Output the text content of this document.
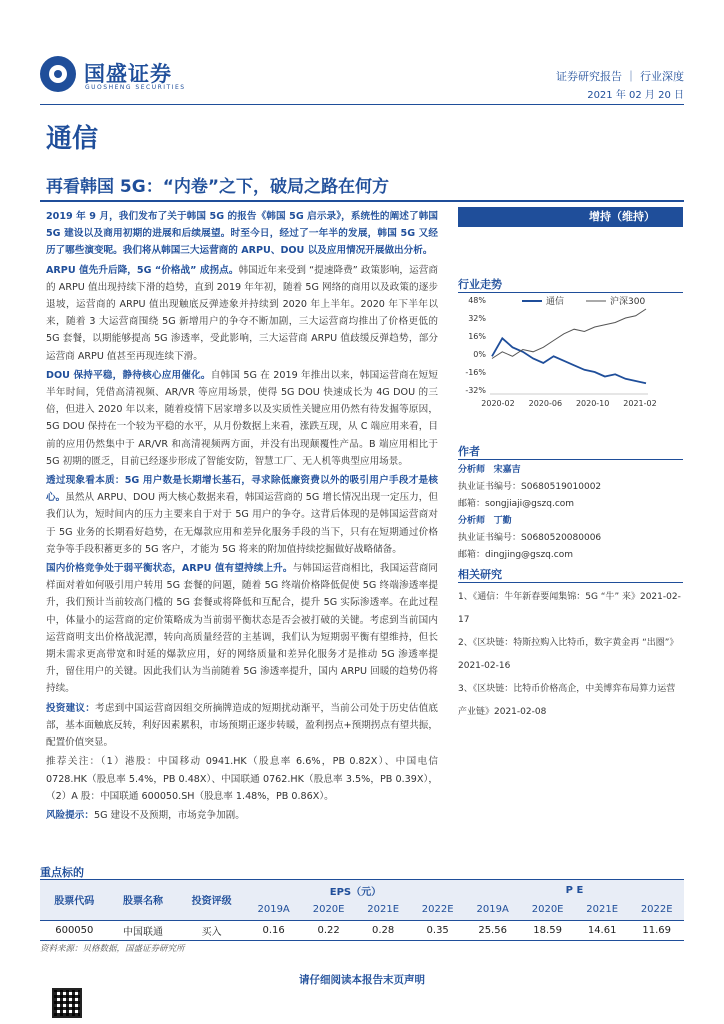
国盛证券
GUOSHENG SECURITIES
证券研究报告 ｜ 行业深度
2021 年 02 月 20 日
通信
再看韩国 5G：“内卷”之下，破局之路在何方

2019 年 9 月，我们发布了关于韩国 5G 的报告《韩国 5G 启示录》，系统性的阐述了韩国 5G 建设以及商用初期的进展和后续展望。时至今日，经过了一年半的发展，韩国 5G 又经历了哪些演变呢。我们将从韩国三大运营商的 ARPU、DOU 以及应用情况开展做出分析。

ARPU 值先升后降，5G “价格战” 成拐点。韩国近年来受到 “提速降费” 政策影响，运营商的 ARPU 值出现持续下滑的趋势，直到 2019 年年初，随着 5G 网络的商用以及政策的逐步退坡，运营商的 ARPU 值出现触底反弹迹象并持续到 2020 年上半年。2020 年下半年以来，随着 3 大运营商围绕 5G 新增用户的争夺不断加剧，三大运营商均推出了价格更低的 5G 套餐，以期能够提高 5G 渗透率，受此影响，三大运营商 ARPU 值歧缓反弹趋势，部分运营商 ARPU 值甚至再现连续下滑。

DOU 保持平稳，静待核心应用催化。自韩国 5G 在 2019 年推出以来，韩国运营商在短短半年时间，凭借高清视频、AR/VR 等应用场景，使得 5G DOU 快速成长为 4G DOU 的三倍，但进入 2020 年以来，随着疫情下居家增多以及实质性关键应用仍然有待发掘等原因，5G DOU 保持在一个较为平稳的水平，从月份数据上来看，涨跌互现，从 C 端应用来看，目前的应用仍然集中于 AR/VR 和高清视频两方面，并没有出现颠覆性产品。B 端应用相比于 5G 初期的匮乏，目前已经逐步形成了智能安防，智慧工厂、无人机等典型应用场景。

透过现象看本质：5G 用户数是长期增长基石，寻求除低廉资费以外的吸引用户手段才是核心。虽然从 ARPU、DOU 两大核心数据来看，韩国运营商的 5G 增长情况出现一定压力，但我们认为，短时间内的压力主要来自于对于 5G 用户的争夺。这背后体现的是韩国运营商对于 5G 业务的长期看好趋势，在无爆款应用和差异化服务手段的当下，只有在短期通过价格竞争等手段积蓄更多的 5G 客户，才能为 5G 将来的附加值持续挖掘做好战略储备。

国内价格竞争处于弱平衡状态，ARPU 值有望持续上升。与韩国运营商相比，我国运营商同样面对着如何吸引用户转用 5G 套餐的问题，随着 5G 终端价格降低促使 5G 终端渗透率提升，我们预计当前较高门槛的 5G 套餐或将降低和互配合，提升 5G 实际渗透率。在此过程中，体量小的运营商的定价策略成为当前弱平衡状态是否会被打破的关键。考虑到当前国内运营商明支出价格战泥潭，转向高质量经营的主基调，我们认为短期弱平衡有望维持，但长期未需求更高带宽和时延的爆款应用，好的网络质量和差异化服务才是推动 5G 渗透率提升，留住用户的关键。因此我们认为当前随着 5G 渗透率提升，国内 ARPU 回暖的趋势仍将持续。

投资建议：考虑到中国运营商因组交所摘牌造成的短期扰动渐平，当前公司处于历史估值底部，基本面触底反转，利好因素累积，市场预期正逐步转暖，盈利拐点+预期拐点有望共振，配置价值突显。

推荐关注：（1）港股：中国移动 0941.HK（股息率 6.6%，PB 0.82X）、中国电信 0728.HK（股息率 5.4%，PB 0.48X）、中国联通 0762.HK（股息率 3.5%，PB 0.39X），（2）A 股：中国联通 600050.SH（股息率 1.48%，PB 0.86X）。

风险提示：5G 建设不及预期，市场竞争加剧。

增持（维持）
行业走势
通信	沪深300
48%
32%
16%
0%
-16%
-32%
2020-02 2020-06 2020-10 2021-02
作者
分析师 宋嘉吉
执业证书编号：S0680519010002
邮箱：songjiaji@gszq.com
分析师 丁勤
执业证书编号：S0680520080006
邮箱：dingjing@gszq.com
相关研究
1、《通信：牛年新春要闻集锦：5G “牛” 来》2021-02-17
2、《区块链：特斯拉购入比特币，数字黄金再 “出圈”》2021-02-16
3、《区块链：比特币价格高企，中美博弈布局算力运营产业链》2021-02-08
重点标的
股票代码	股票名称	投资评级	EPS（元）				P E			
			2019A	2020E	2021E	2022E	2019A	2020E	2021E	2022E
600050	中国联通	买入	0.16	0.22	0.28	0.35	25.56	18.59	14.61	11.69
资料来源：贝格数据，国盛证券研究所
请仔细阅读本报告末页声明
